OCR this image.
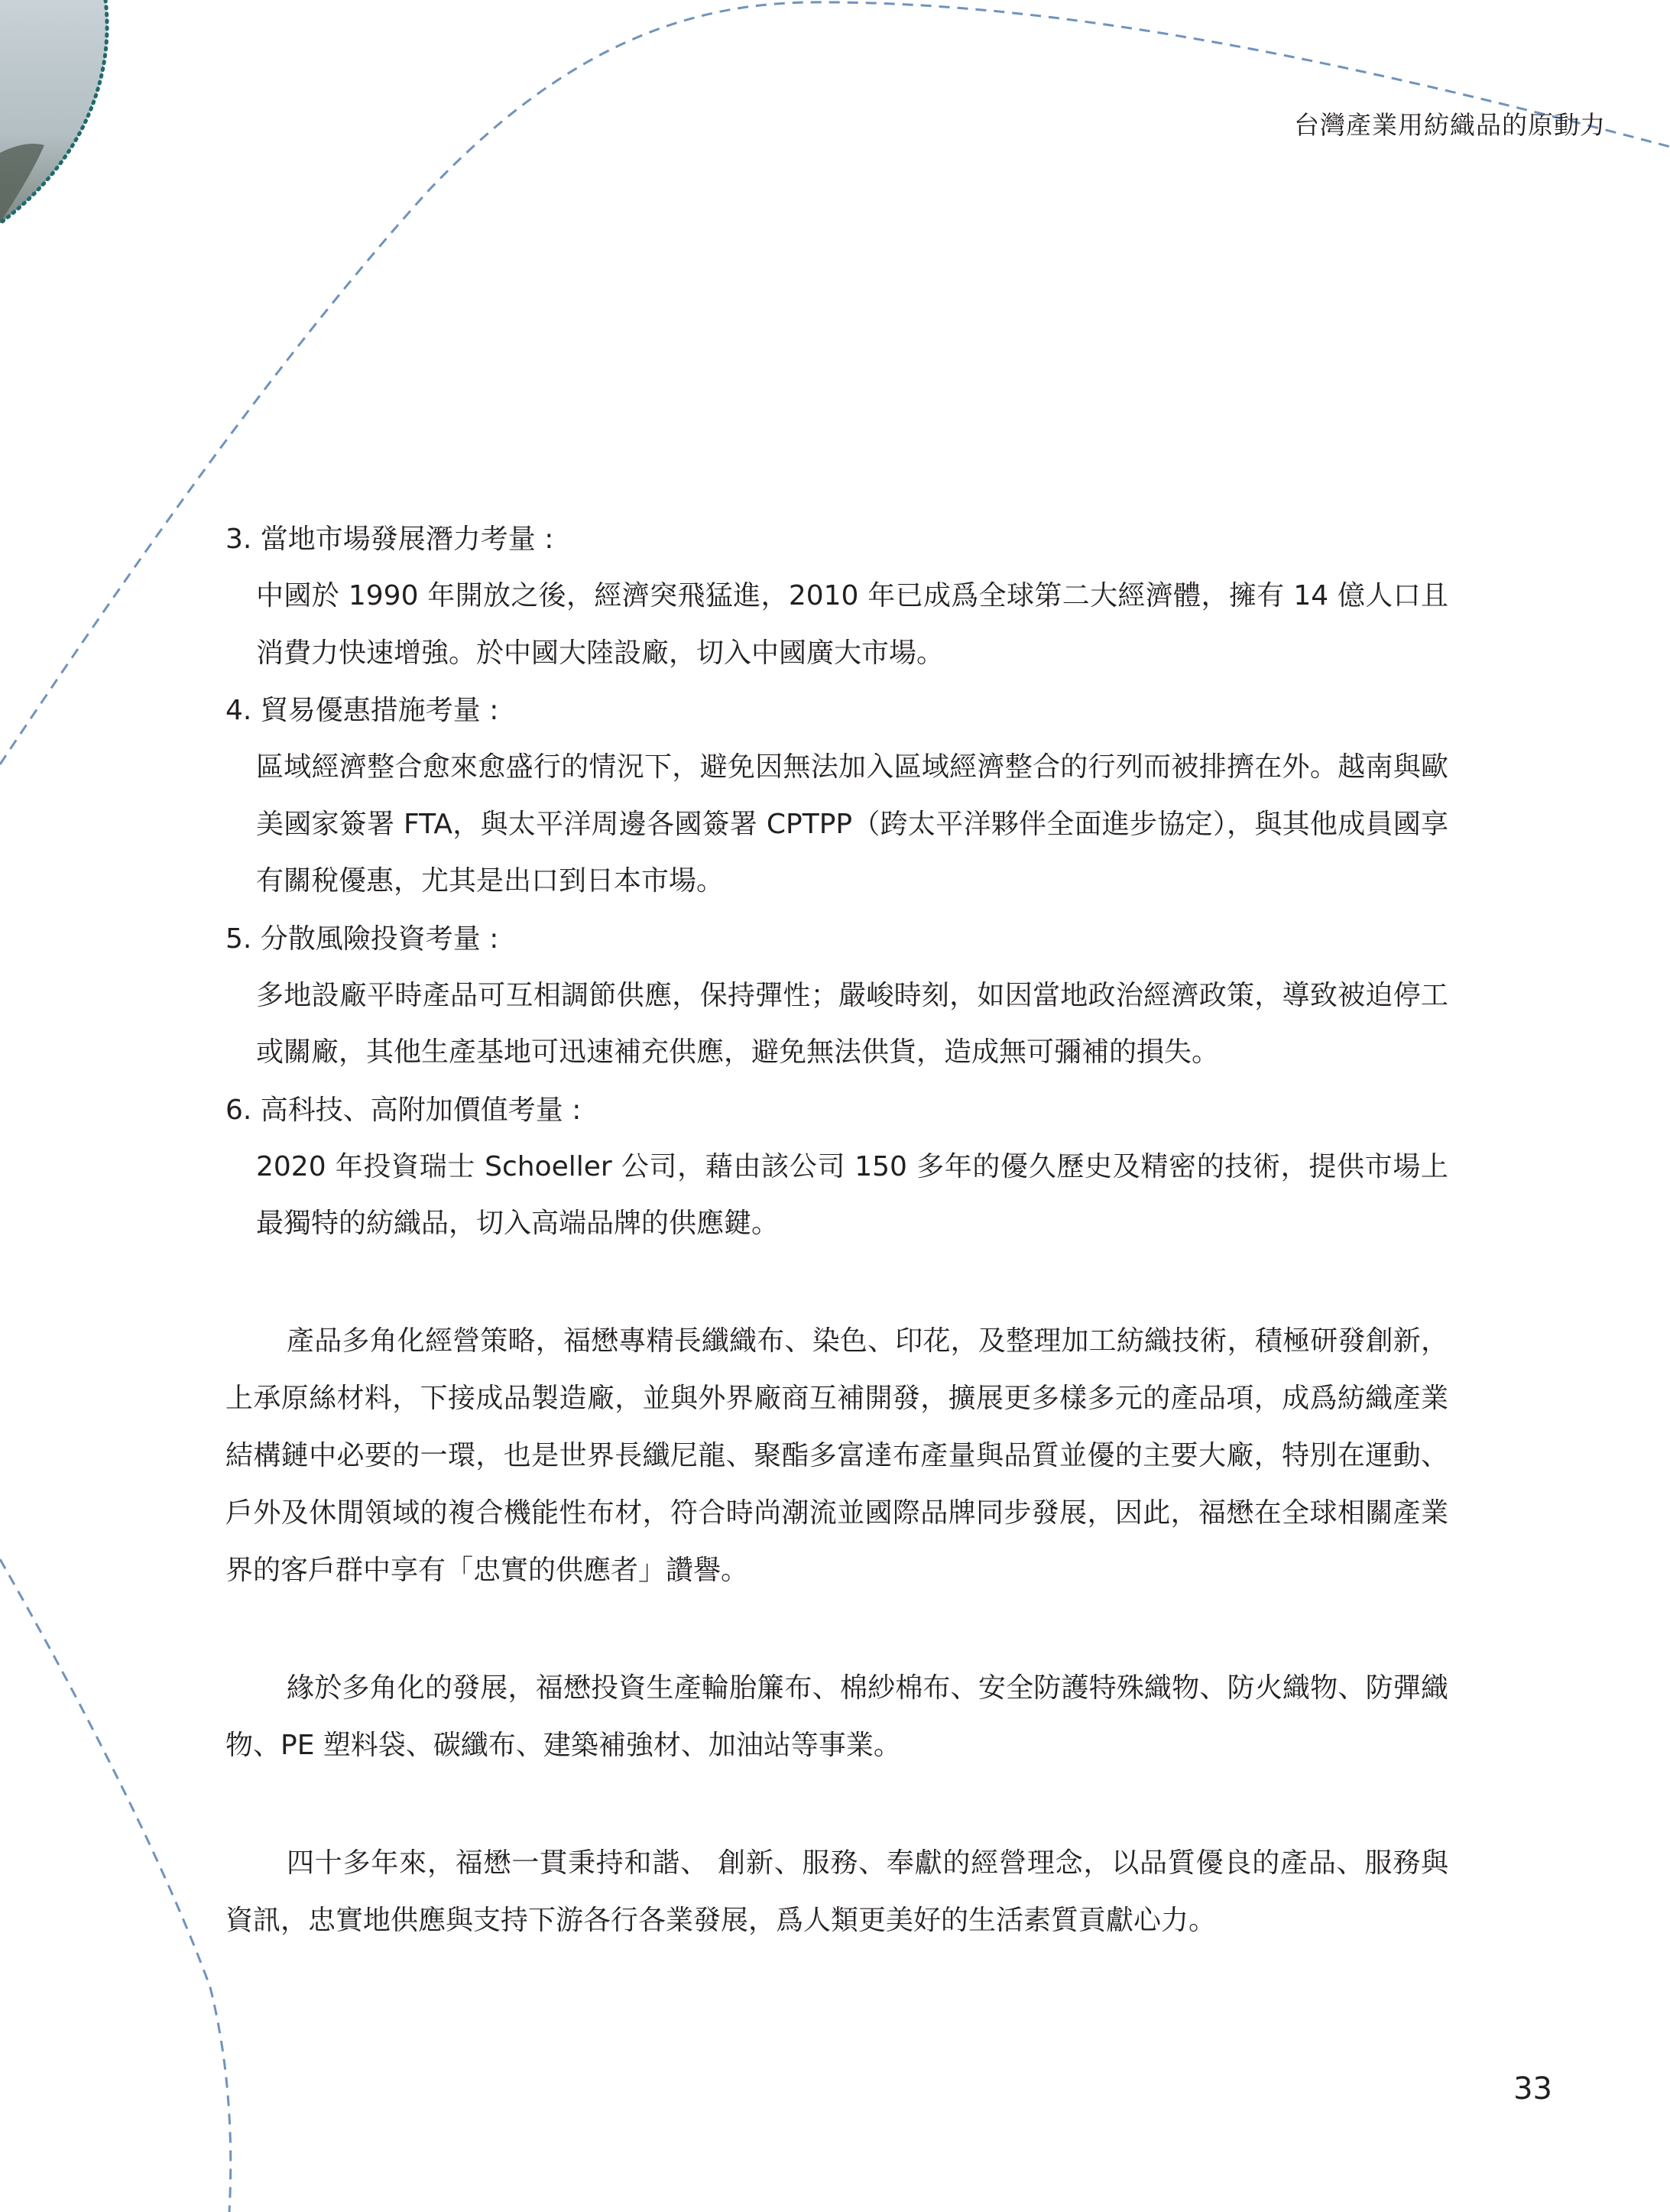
台灣產業用紡織品的原動力
3. 當地市場發展潛力考量 :
中國於 1990 年開放之後，經濟突飛猛進，2010 年已成爲全球第二大經濟體，擁有 14 億人口且消費力快速增強。於中國大陸設廠，切入中國廣大市場。
4. 貿易優惠措施考量 :
區域經濟整合愈來愈盛行的情況下，避免因無法加入區域經濟整合的行列而被排擠在外。越南與歐美國家簽署 FTA，與太平洋周邊各國簽署 CPTPP（跨太平洋夥伴全面進步協定），與其他成員國享有關稅優惠，尤其是出口到日本市場。
5. 分散風險投資考量 :
多地設廠平時產品可互相調節供應，保持彈性；嚴峻時刻，如因當地政治經濟政策，導致被迫停工或關廠，其他生產基地可迅速補充供應，避免無法供貨，造成無可彌補的損失。
6. 高科技、高附加價值考量 :
2020 年投資瑞士 Schoeller 公司，藉由該公司 150 多年的優久歷史及精密的技術，提供市場上最獨特的紡織品，切入高端品牌的供應鍵。

產品多角化經營策略，福懋專精長纖織布、染色、印花，及整理加工紡織技術，積極研發創新，上承原絲材料，下接成品製造廠，並與外界廠商互補開發，擴展更多樣多元的產品項，成爲紡織產業結構鏈中必要的一環，也是世界長纖尼龍、聚酯多富達布產量與品質並優的主要大廠，特別在運動、戶外及休閒領域的複合機能性布材，符合時尚潮流並國際品牌同步發展，因此，福懋在全球相關產業界的客戶群中享有「忠實的供應者」讚譽。

緣於多角化的發展，福懋投資生產輪胎簾布、棉紗棉布、安全防護特殊織物、防火織物、防彈織物、PE 塑料袋、碳纖布、建築補強材、加油站等事業。

四十多年來，福懋一貫秉持和諧、 創新、服務、奉獻的經營理念，以品質優良的產品、服務與資訊，忠實地供應與支持下游各行各業發展，爲人類更美好的生活素質貢獻心力。

33
